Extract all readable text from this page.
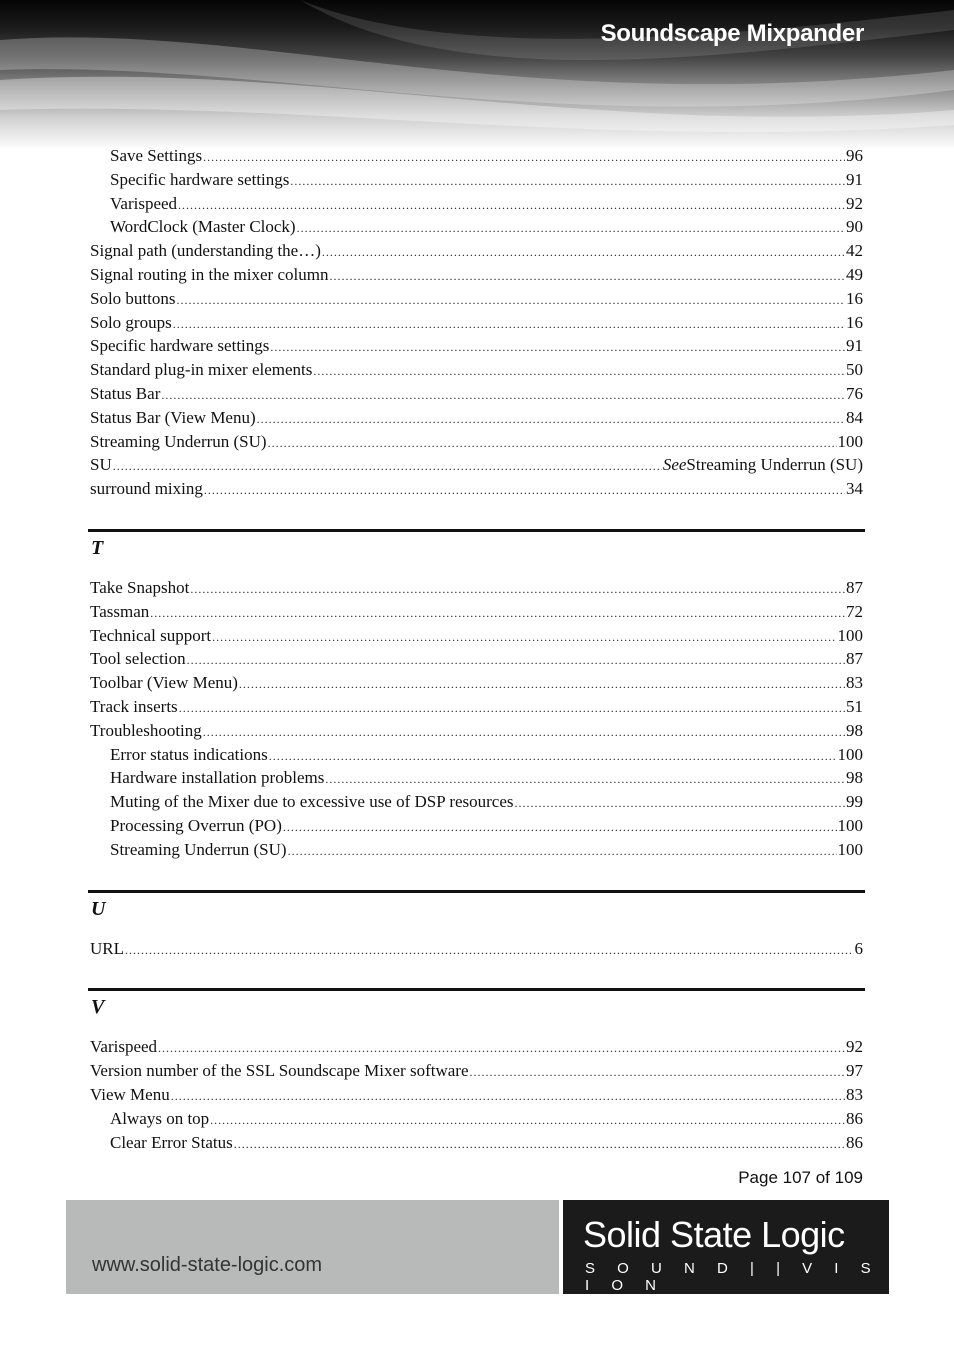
Soundscape Mixpander
Save Settings .....	96
Specific hardware settings .....	91
Varispeed .....	92
WordClock (Master Clock) .....	90
Signal path (understanding the…) .....	42
Signal routing in the mixer column .....	49
Solo buttons .....	16
Solo groups .....	16
Specific hardware settings .....	91
Standard plug-in mixer elements .....	50
Status Bar .....	76
Status Bar (View Menu) .....	84
Streaming Underrun (SU) .....	100
SU .....	See Streaming Underrun (SU)
surround mixing .....	34
T
Take Snapshot .....	87
Tassman .....	72
Technical support .....	100
Tool selection .....	87
Toolbar (View Menu) .....	83
Track inserts .....	51
Troubleshooting .....	98
Error status indications .....	100
Hardware installation problems .....	98
Muting of the Mixer due to excessive use of DSP resources .....	99
Processing Overrun (PO) .....	100
Streaming Underrun (SU) .....	100
U
URL .....	6
V
Varispeed .....	92
Version number of the SSL Soundscape Mixer software .....	97
View Menu .....	83
Always on top .....	86
Clear Error Status .....	86
Page 107 of 109
www.solid-state-logic.com
Solid State Logic
S O U N D | | V I S I O N
